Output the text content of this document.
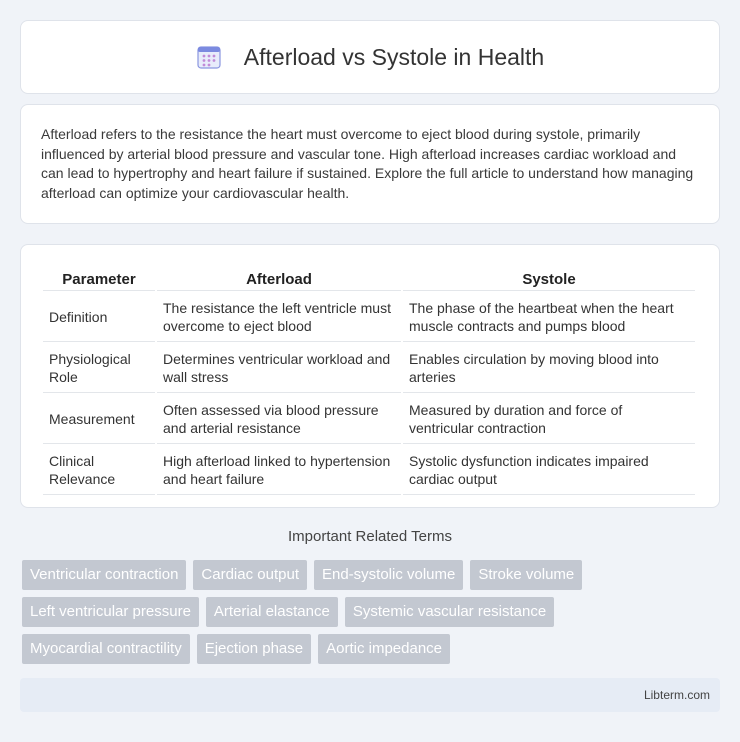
Afterload vs Systole in Health

Afterload refers to the resistance the heart must overcome to eject blood during systole, primarily influenced by arterial blood pressure and vascular tone. High afterload increases cardiac workload and can lead to hypertrophy and heart failure if sustained. Explore the full article to understand how managing afterload can optimize your cardiovascular health.

Parameter	Afterload	Systole
Definition	The resistance the left ventricle must overcome to eject blood	The phase of the heartbeat when the heart muscle contracts and pumps blood
Physiological Role	Determines ventricular workload and wall stress	Enables circulation by moving blood into arteries
Measurement	Often assessed via blood pressure and arterial resistance	Measured by duration and force of ventricular contraction
Clinical Relevance	High afterload linked to hypertension and heart failure	Systolic dysfunction indicates impaired cardiac output
Important Related Terms
Ventricular contraction	Cardiac output	End-systolic volume	Stroke volume
Left ventricular pressure	Arterial elastance	Systemic vascular resistance
Myocardial contractility	Ejection phase	Aortic impedance
Libterm.com
